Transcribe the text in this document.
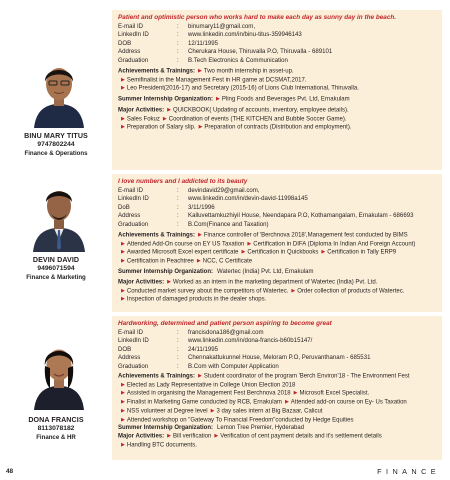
BINU MARY TITUS
9747802244
Finance & Operations
Patient and optimistic person who works hard to make each day as sunny day in the beach.
E-mail ID	:	binumary11@gmail.com,
LinkedIn ID	:	www.linkedin.com/in/binu-titus-359946143
DOB	:	12/11/1995
Address	:	Cherukara House, Thiruvalla P.O, Thiruvalla - 689101
Graduation	:	B.Tech Electronics & Communication
Achievements & Trainings: ▶ Two month internship in asset-up.
▶ Semifinalist in the Management Fest in HR game at DCSMAT,2017.
▶ Leo President(2016-17) and Secretary (2015-16) of Lions Club International, Thiruvalla.
Summer Internship Organization: ▶ Pling Foods and Beverages Pvt. Ltd, Ernakulam
Major Activities: ▶ QUICKBOOK( Updating of accounts, inventory, employee details).
▶ Sales Fokuz ▶ Coordination of events (THE KITCHEN and Bubble Soccer Game).
▶ Preparation of Salary slip. ▶ Preparation of contracts (Distribution and employment).
DEVIN DAVID
9496071594
Finance & Marketing
I love numbers and I addicted to its beauty
E-mail ID	:	devindavid29@gmail.com,
LinkedIn ID	:	www.linkedin.com/in/devin-david-11998a145
DoB	:	3/11/1996
Address	:	Kalluvettamkuzhiyil House, Neendapara P.O, Kothamangalam, Ernakulam - 686693
Graduation	:	B.Com(Finance and Taxation)
Achievements & Trainings: ▶ Finance controller of 'Berchnova 2018',Management fest conducted by BIMS
▶ Attended Add-On course on EY US Taxation ▶ Certification in DIFA (Diploma In Indian And Foreign Account)
▶ Awarded Microsoft Excel expert certificate ▶ Certification in Quickbooks ▶ Certification in Tally ERP9
▶ Certification in Peachtree ▶ NCC, C Certificate
Summer Internship Organization: Watertec (India) Pvt. Ltd, Ernakulam
Major Activities: ▶ Worked as an intern in the marketing department of Watertec (India) Pvt. Ltd.
▶ Conducted market survey about the competitors of Watertec. ▶ Order collection of products of Watertec.
▶ Inspection of damaged products in the dealer shops.
DONA FRANCIS
8113078182
Finance & HR
Hardworking, determined and patient person aspiring to become great
E-mail ID	:	francisdona186@gmail.com
LinkedIn ID	:	www.linkedin.com/in/dona-francis-b60b15147/
DOB	:	24/11/1995
Address	:	Chennakattukunnel House, Meloram P.O, Peruvanthanam - 685531
Graduation	:	B.Com with Computer Application
Achievements & Trainings: ▶ Student coordinator of the program 'Berch Environ'18 - The Environment Fest
▶ Elected as Lady Representative in College Union Election 2018
▶ Assisted in organising the Management Fest Berchnova 2018 ▶ Microsoft Excel Specialist.
▶ Finalist in Marketing Game conducted by RCB, Ernakulam ▶ Attended add-on course on Ey- Us Taxation
▶ NSS volunteer at Degree level ▶ 3 day sales intern at Big Bazaar, Calicut
▶ Attended workshop on "Gateway To Financial Freedom"conducted by Hedge Equities
Summer Internship Organization: Lemon Tree Premier, Hyderabad
Major Activities: ▶ Bill verification ▶ Verification of cent payment details and it's settlement details
▶ Handling BTC documents.
48	FINANCE
